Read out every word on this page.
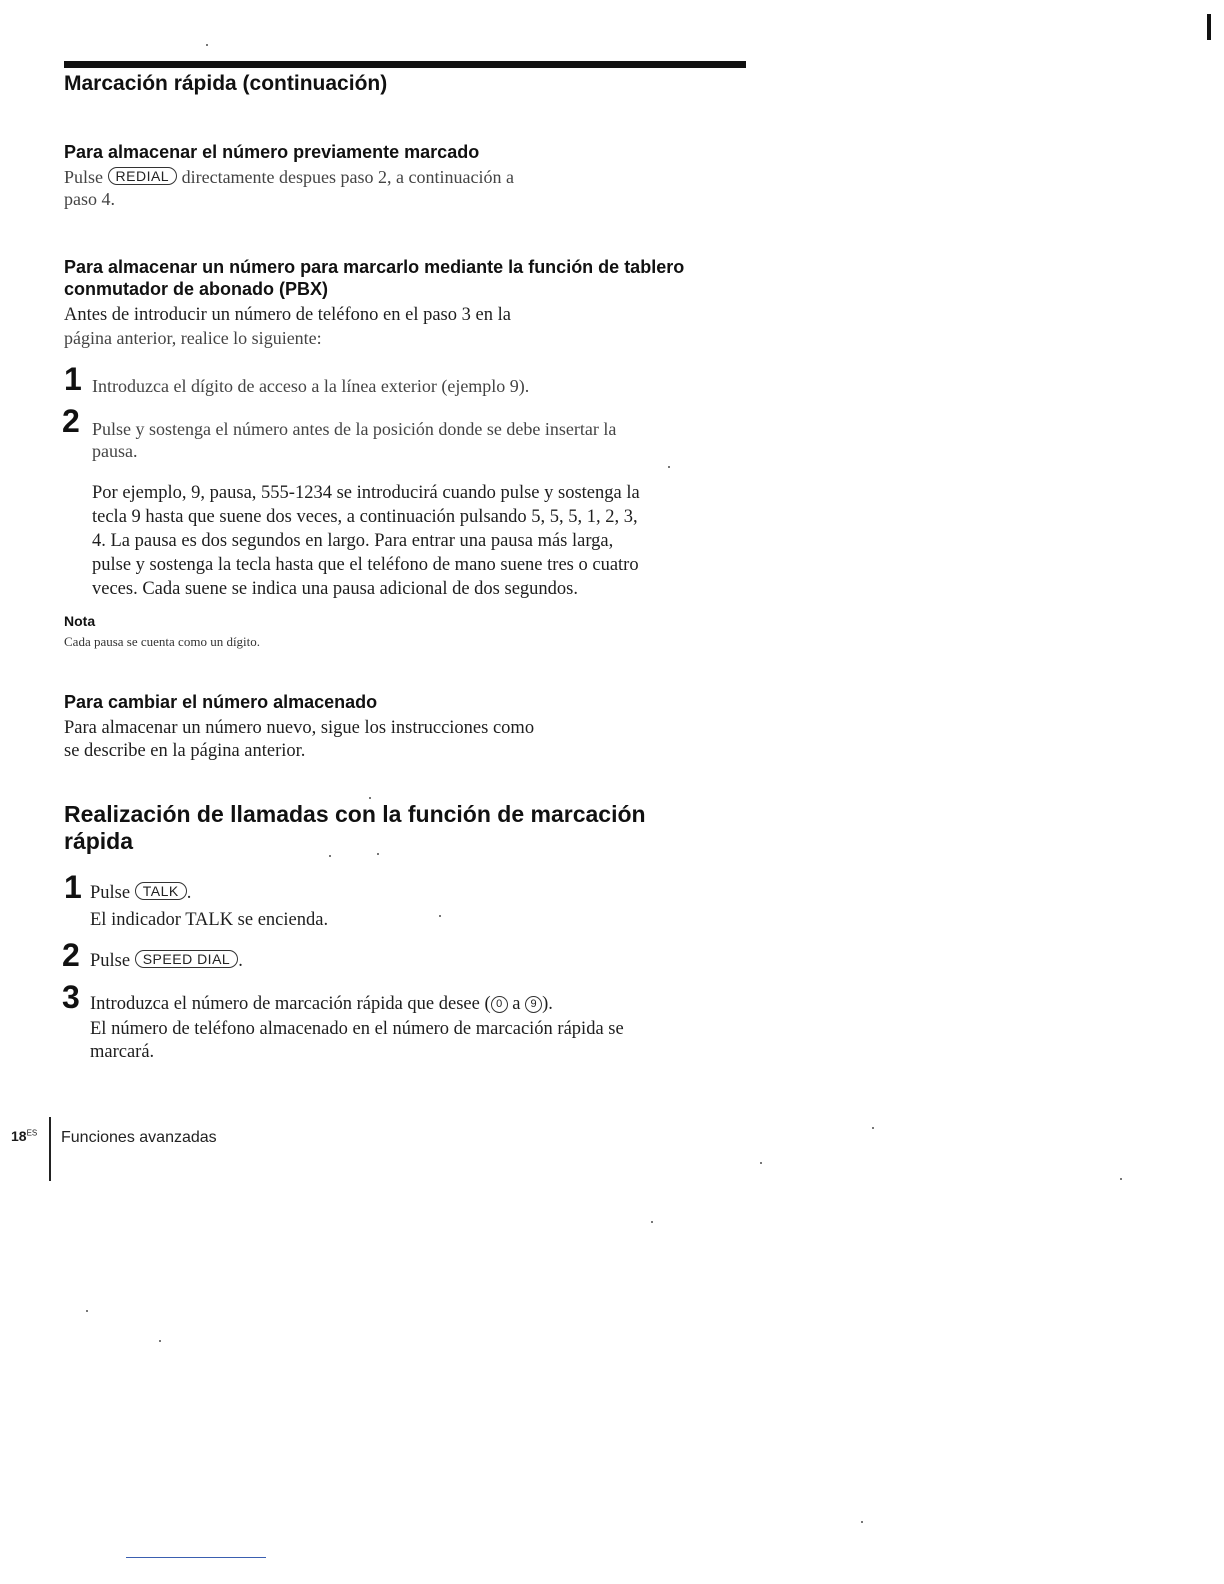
Marcación rápida (continuación)
Para almacenar el número previamente marcado
Pulse REDIAL directamente despues paso 2, a continuación a
paso 4.
Para almacenar un número para marcarlo mediante la función de tablero
conmutador de abonado (PBX)
Antes de introducir un número de teléfono en el paso 3 en la
página anterior, realice lo siguiente:
1 Introduzca el dígito de acceso a la línea exterior (ejemplo 9).
2 Pulse y sostenga el número antes de la posición donde se debe insertar la
pausa.
Por ejemplo, 9, pausa, 555-1234 se introducirá cuando pulse y sostenga la
tecla 9 hasta que suene dos veces, a continuación pulsando 5, 5, 5, 1, 2, 3,
4. La pausa es dos segundos en largo. Para entrar una pausa más larga,
pulse y sostenga la tecla hasta que el teléfono de mano suene tres o cuatro
veces. Cada suene se indica una pausa adicional de dos segundos.
Nota
Cada pausa se cuenta como un dígito.
Para cambiar el número almacenado
Para almacenar un número nuevo, sigue los instrucciones como
se describe en la página anterior.
Realización de llamadas con la función de marcación
rápida
1 Pulse TALK .
El indicador TALK se encienda.
2 Pulse SPEED DIAL .
3 Introduzca el número de marcación rápida que desee ( 0 a 9 ).
El número de teléfono almacenado en el número de marcación rápida se
marcará.
$18^{ES}$ Funciones avanzadas
